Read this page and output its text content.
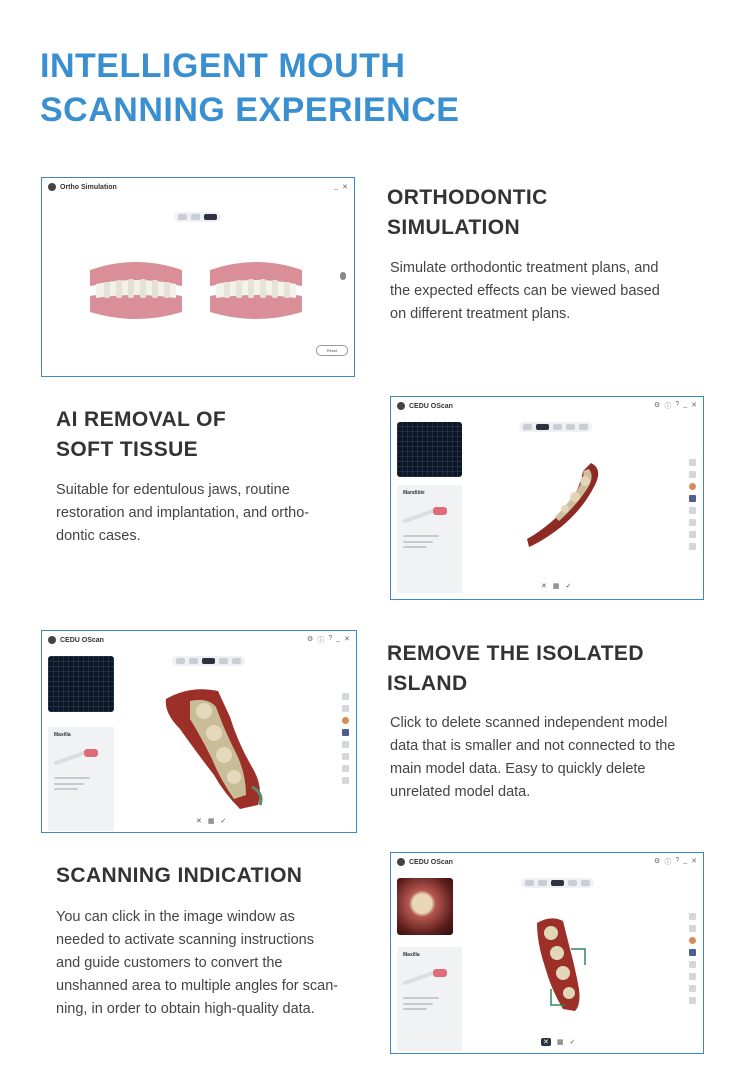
INTELLIGENT MOUTH
SCANNING EXPERIENCE
Ortho Simulation	_ ✕
Reset
ORTHODONTIC
SIMULATION

Simulate orthodontic treatment plans, and
the expected effects can be viewed based
on different treatment plans.

AI REMOVAL OF
SOFT TISSUE

Suitable for edentulous jaws, routine
restoration and implantation, and ortho-
dontic cases.

CEDU OScan	⚙ ⓘ ? _ ✕
Mandible
✕ ▦ ✓
CEDU OScan	⚙ ⓘ ? _ ✕
Maxilla
✕ ▦ ✓
REMOVE THE ISOLATED
ISLAND

Click to delete scanned independent model
data that is smaller and not connected to the
main model data. Easy to quickly delete
unrelated model data.

SCANNING INDICATION

You can click in the image window as
needed to activate scanning instructions
and guide customers to convert the
unshanned area to multiple angles for scan-
ning, in order to obtain high-quality data.

CEDU OScan	⚙ ⓘ ? _ ✕
Maxilla
✕ ▦ ✓
